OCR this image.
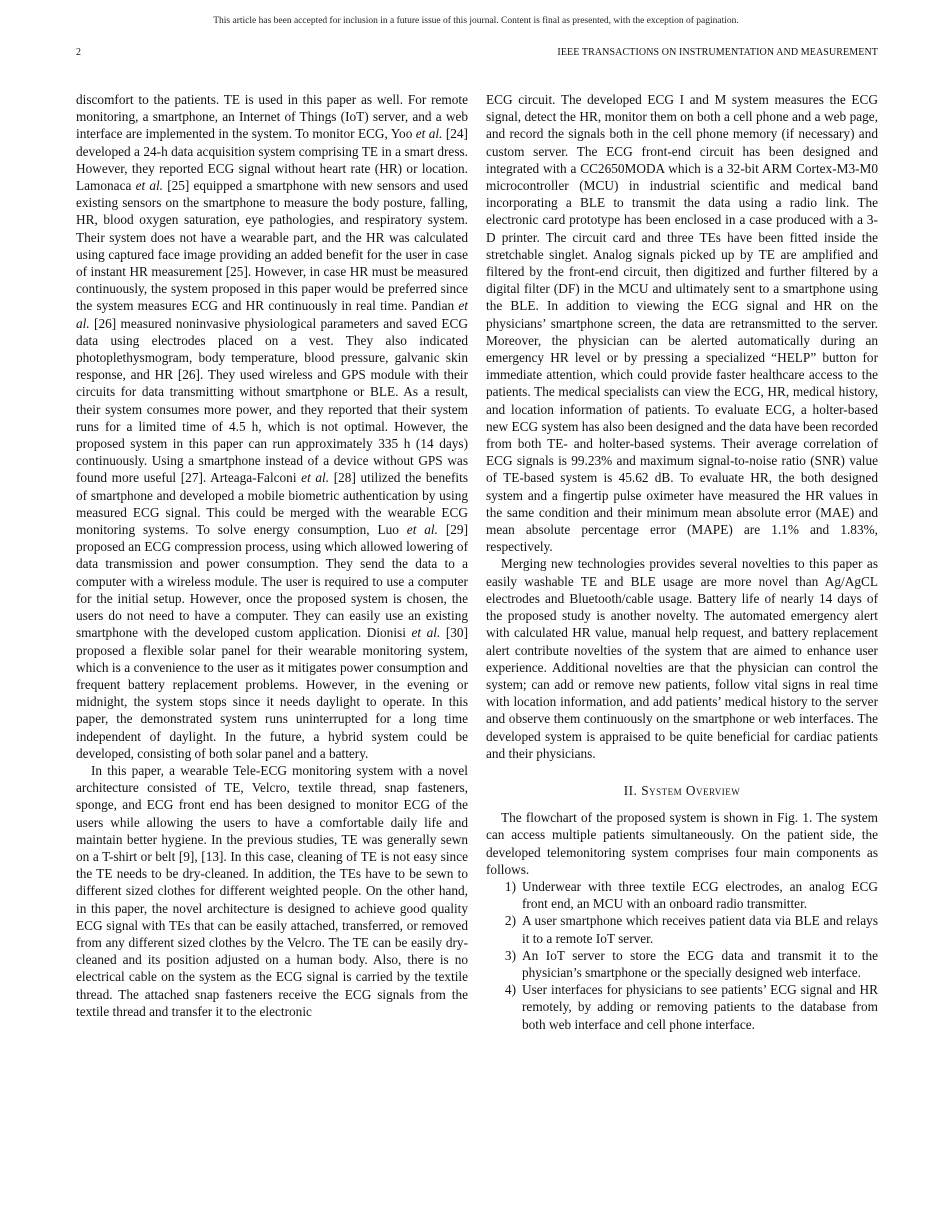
This article has been accepted for inclusion in a future issue of this journal. Content is final as presented, with the exception of pagination.
2	IEEE TRANSACTIONS ON INSTRUMENTATION AND MEASUREMENT

discomfort to the patients. TE is used in this paper as well. For remote monitoring, a smartphone, an Internet of Things (IoT) server, and a web interface are implemented in the system. To monitor ECG, Yoo et al. [24] developed a 24-h data acquisition system comprising TE in a smart dress. However, they reported ECG signal without heart rate (HR) or location. Lamonaca et al. [25] equipped a smartphone with new sensors and used existing sensors on the smartphone to measure the body posture, falling, HR, blood oxygen saturation, eye pathologies, and respiratory system. Their system does not have a wearable part, and the HR was calculated using captured face image providing an added benefit for the user in case of instant HR measurement [25]. However, in case HR must be measured continuously, the system proposed in this paper would be preferred since the system measures ECG and HR continuously in real time. Pandian et al. [26] measured noninvasive physiological parameters and saved ECG data using electrodes placed on a vest. They also indicated photoplethysmogram, body temperature, blood pressure, galvanic skin response, and HR [26]. They used wireless and GPS module with their circuits for data transmitting without smartphone or BLE. As a result, their system consumes more power, and they reported that their system runs for a limited time of 4.5 h, which is not optimal. However, the proposed system in this paper can run approximately 335 h (14 days) continuously. Using a smartphone instead of a device without GPS was found more useful [27]. Arteaga-Falconi et al. [28] utilized the benefits of smartphone and developed a mobile biometric authentication by using measured ECG signal. This could be merged with the wearable ECG monitoring systems. To solve energy consumption, Luo et al. [29] proposed an ECG compression process, using which allowed lowering of data transmission and power consumption. They send the data to a computer with a wireless module. The user is required to use a computer for the initial setup. However, once the proposed system is chosen, the users do not need to have a computer. They can easily use an existing smartphone with the developed custom application. Dionisi et al. [30] proposed a flexible solar panel for their wearable monitoring system, which is a convenience to the user as it mitigates power consumption and frequent battery replacement problems. However, in the evening or midnight, the system stops since it needs daylight to operate. In this paper, the demonstrated system runs uninterrupted for a long time independent of daylight. In the future, a hybrid system could be developed, consisting of both solar panel and a battery.

In this paper, a wearable Tele-ECG monitoring system with a novel architecture consisted of TE, Velcro, textile thread, snap fasteners, sponge, and ECG front end has been designed to monitor ECG of the users while allowing the users to have a comfortable daily life and maintain better hygiene. In the previous studies, TE was generally sewn on a T-shirt or belt [9], [13]. In this case, cleaning of TE is not easy since the TE needs to be dry-cleaned. In addition, the TEs have to be sewn to different sized clothes for different weighted people. On the other hand, in this paper, the novel architecture is designed to achieve good quality ECG signal with TEs that can be easily attached, transferred, or removed from any different sized clothes by the Velcro. The TE can be easily dry-cleaned and its position adjusted on a human body. Also, there is no electrical cable on the system as the ECG signal is carried by the textile thread. The attached snap fasteners receive the ECG signals from the textile thread and transfer it to the electronic

ECG circuit. The developed ECG I and M system measures the ECG signal, detect the HR, monitor them on both a cell phone and a web page, and record the signals both in the cell phone memory (if necessary) and custom server. The ECG front-end circuit has been designed and integrated with a CC2650MODA which is a 32-bit ARM Cortex-M3-M0 microcontroller (MCU) in industrial scientific and medical band incorporating a BLE to transmit the data using a radio link. The electronic card prototype has been enclosed in a case produced with a 3-D printer. The circuit card and three TEs have been fitted inside the stretchable singlet. Analog signals picked up by TE are amplified and filtered by the front-end circuit, then digitized and further filtered by a digital filter (DF) in the MCU and ultimately sent to a smartphone using the BLE. In addition to viewing the ECG signal and HR on the physicians’ smartphone screen, the data are retransmitted to the server. Moreover, the physician can be alerted automatically during an emergency HR level or by pressing a specialized “HELP” button for immediate attention, which could provide faster healthcare access to the patients. The medical specialists can view the ECG, HR, medical history, and location information of patients. To evaluate ECG, a holter-based new ECG system has also been designed and the data have been recorded from both TE- and holter-based systems. Their average correlation of ECG signals is 99.23% and maximum signal-to-noise ratio (SNR) value of TE-based system is 45.62 dB. To evaluate HR, the both designed system and a fingertip pulse oximeter have measured the HR values in the same condition and their minimum mean absolute error (MAE) and mean absolute percentage error (MAPE) are 1.1% and 1.83%, respectively.

Merging new technologies provides several novelties to this paper as easily washable TE and BLE usage are more novel than Ag/AgCL electrodes and Bluetooth/cable usage. Battery life of nearly 14 days of the proposed study is another novelty. The automated emergency alert with calculated HR value, manual help request, and battery replacement alert contribute novelties of the system that are aimed to enhance user experience. Additional novelties are that the physician can control the system; can add or remove new patients, follow vital signs in real time with location information, and add patients’ medical history to the server and observe them continuously on the smartphone or web interfaces. The developed system is appraised to be quite beneficial for cardiac patients and their physicians.

II. System Overview

The flowchart of the proposed system is shown in Fig. 1. The system can access multiple patients simultaneously. On the patient side, the developed telemonitoring system comprises four main components as follows.

1) Underwear with three textile ECG electrodes, an analog ECG front end, an MCU with an onboard radio transmitter.
2) A user smartphone which receives patient data via BLE and relays it to a remote IoT server.
3) An IoT server to store the ECG data and transmit it to the physician’s smartphone or the specially designed web interface.
4) User interfaces for physicians to see patients’ ECG signal and HR remotely, by adding or removing patients to the database from both web interface and cell phone interface.
